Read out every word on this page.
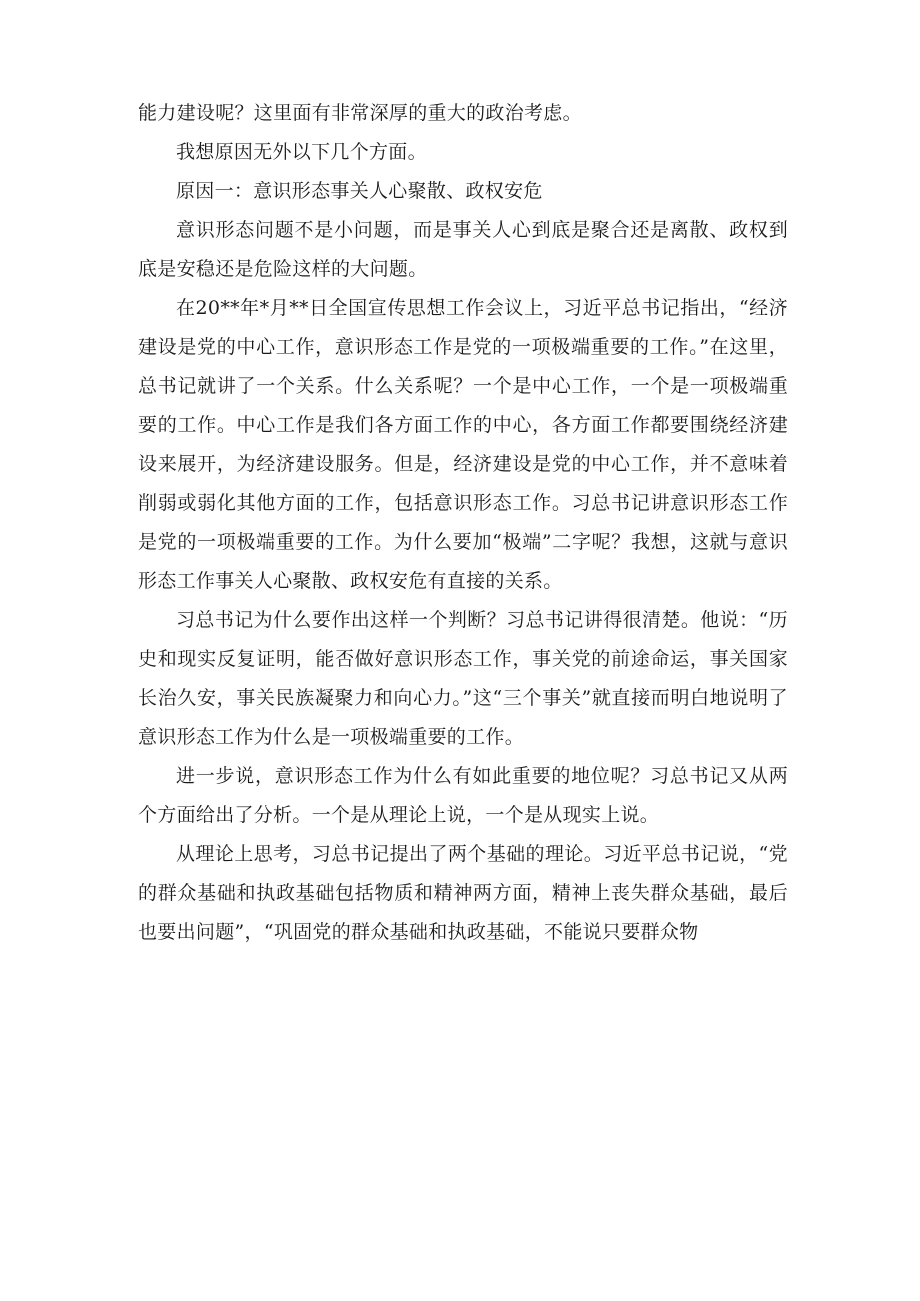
能力建设呢？这里面有非常深厚的重大的政治考虑。

我想原因无外以下几个方面。

原因一：意识形态事关人心聚散、政权安危

意识形态问题不是小问题，而是事关人心到底是聚合还是离散、政权到底是安稳还是危险这样的大问题。

在20**年*月**日全国宣传思想工作会议上，习近平总书记指出，“经济建设是党的中心工作，意识形态工作是党的一项极端重要的工作。”在这里，总书记就讲了一个关系。什么关系呢？一个是中心工作，一个是一项极端重要的工作。中心工作是我们各方面工作的中心，各方面工作都要围绕经济建设来展开，为经济建设服务。但是，经济建设是党的中心工作，并不意味着削弱或弱化其他方面的工作，包括意识形态工作。习总书记讲意识形态工作是党的一项极端重要的工作。为什么要加“极端”二字呢？我想，这就与意识形态工作事关人心聚散、政权安危有直接的关系。

习总书记为什么要作出这样一个判断？习总书记讲得很清楚。他说：“历史和现实反复证明，能否做好意识形态工作，事关党的前途命运，事关国家长治久安，事关民族凝聚力和向心力。”这“三个事关”就直接而明白地说明了意识形态工作为什么是一项极端重要的工作。

进一步说，意识形态工作为什么有如此重要的地位呢？习总书记又从两个方面给出了分析。一个是从理论上说，一个是从现实上说。

从理论上思考，习总书记提出了两个基础的理论。习近平总书记说，“党的群众基础和执政基础包括物质和精神两方面，精神上丧失群众基础，最后也要出问题”，“巩固党的群众基础和执政基础，不能说只要群众物
